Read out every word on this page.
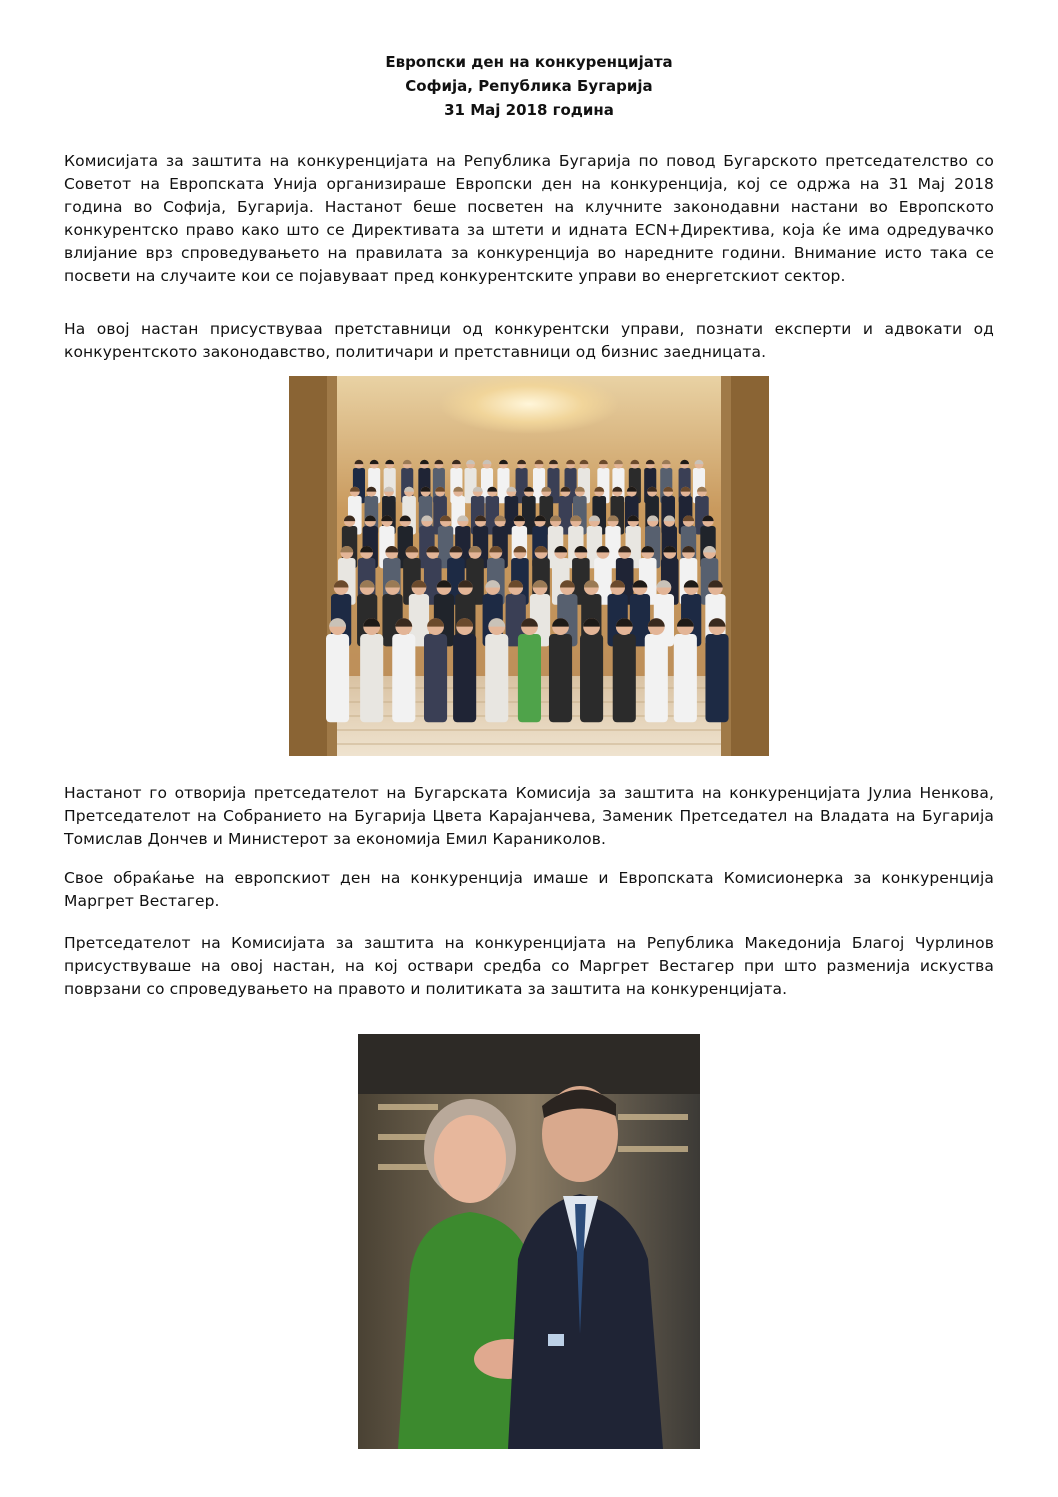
Европски ден на конкуренцијата
Софија, Република Бугарија
31 Мај 2018 година

Комисијата за заштита на конкуренцијата на Република Бугарија по повод Бугарското претседателство со Советот на Европската Унија организираше Европски ден на конкуренција, кој се одржа на 31 Мај 2018 година во Софија, Бугарија. Настанот беше посветен на клучните законодавни настани во Европското конкурентско право како што се Директивата за штети и идната ECN+Директива, која ќе има одредувачко влијание врз спроведувањето на правилата за конкуренција во наредните години. Внимание исто така се посвети на случаите кои се појавуваат пред конкурентските управи во енергетскиот сектор.

На овој настан присуствуваа претставници од конкурентски управи, познати експерти и адвокати од конкурентското законодавство, политичари и претставници од бизнис заедницата.

Настанот го отворија претседателот на Бугарската Комисија за заштита на конкуренцијата Јулиа Ненкова, Претседателот на Собранието на Бугарија Цвета Карајанчева, Заменик Претседател на Владата на Бугарија Томислав Дончев и Министерот за економија Емил Караниколов.

Свое обраќање на европскиот ден на конкуренција имаше и Европската Комисионерка за конкуренција Маргрет Вестагер.

Претседателот на Комисијата за заштита на конкуренцијата на Република Македонија Благој Чурлинов присуствуваше на овој настан, на кој оствари средба со Маргрет Вестагер при што разменија искуства поврзани со спроведувањето на правото и политиката за заштита на конкуренцијата.
